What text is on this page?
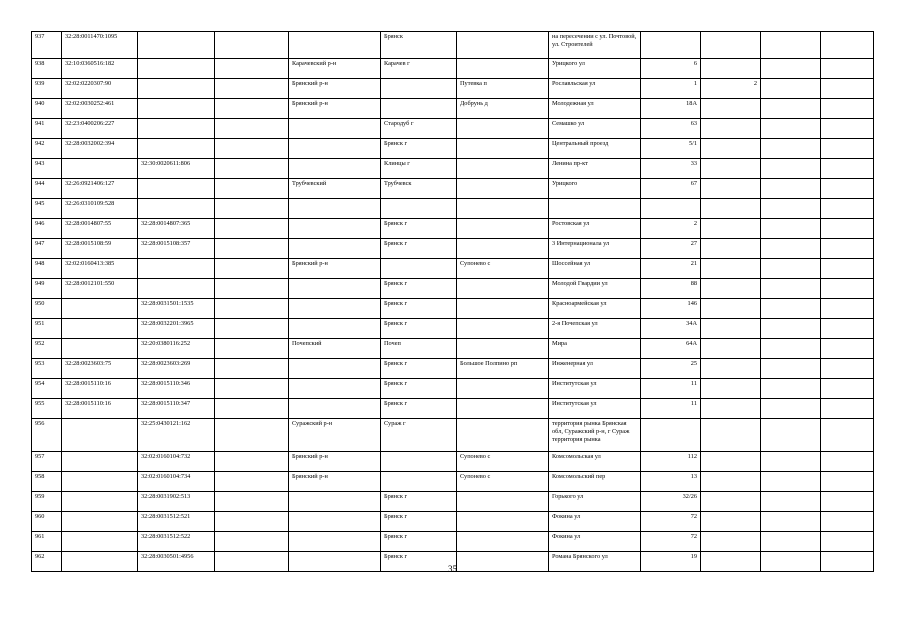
937	32:28:0011470:1095				Брянск		на пересечении с ул. Почтовой, ул. Строителей				
938	32:10:0360516:182			Карачевский р-н	Карачев г		Урицкого ул	6			
939	32:02:0220307:90			Брянский р-н		Путевка п	Рославльская ул	1	2		
940	32:02:0030252:461			Брянский р-н		Добрунь д	Молодежная ул	18А			
941	32:23:0400206:227				Стародуб г		Семашко ул	63			
942	32:28:0032002:394				Брянск г		Центральный проезд	5/1			
943		32:30:0020611:806			Клинцы г		Ленина пр-кт	33			
944	32:26:0921406:127			Трубчевский	Трубчевск		Урицкого	67			
945	32:26:0310109:528										
946	32:28:0014807:55	32:28:0014807:365			Брянск г		Ростовская ул	2			
947	32:28:0015108:59	32:28:0015108:357			Брянск г		3 Интернационала ул	27			
948	32:02:0160413:385			Брянский р-н		Супонево с	Шоссейная ул	21			
949	32:28:0012101:550				Брянск г		Молодой Гвардии ул	88			
950		32:28:0031501:1535			Брянск г		Красноармейская ул	146			
951		32:28:0032201:3965			Брянск г		2-я Почепская ул	34А			
952		32:20:0380116:252		Почепский	Почеп		Мира	64А			
953	32:28:0023603:75	32:28:0023603:269			Брянск г	Большое Полпино рп	Инженерная ул	25			
954	32:28:0015110:16	32:28:0015110:346			Брянск г		Институтская ул	11			
955	32:28:0015110:16	32:28:0015110:347			Брянск г		Институтская ул	11			
956		32:25:0430121:162		Суражский р-н	Сураж г		территория рынка Брянская обл, Суражский р-н, г Сураж территория рынка				
957		32:02:0160104:732		Брянский р-н		Супонево с	Комсомольская ул	112			
958		32:02:0160104:734		Брянский р-н		Супонево с	Комсомольский пер	13			
959		32:28:0031902:513			Брянск г		Горького ул	32/26			
960		32:28:0031512:521			Брянск г		Фокина ул	72			
961		32:28:0031512:522			Брянск г		Фокина ул	72			
962		32:28:0030501:4956			Брянск г		Романа Брянского ул	19			
35
